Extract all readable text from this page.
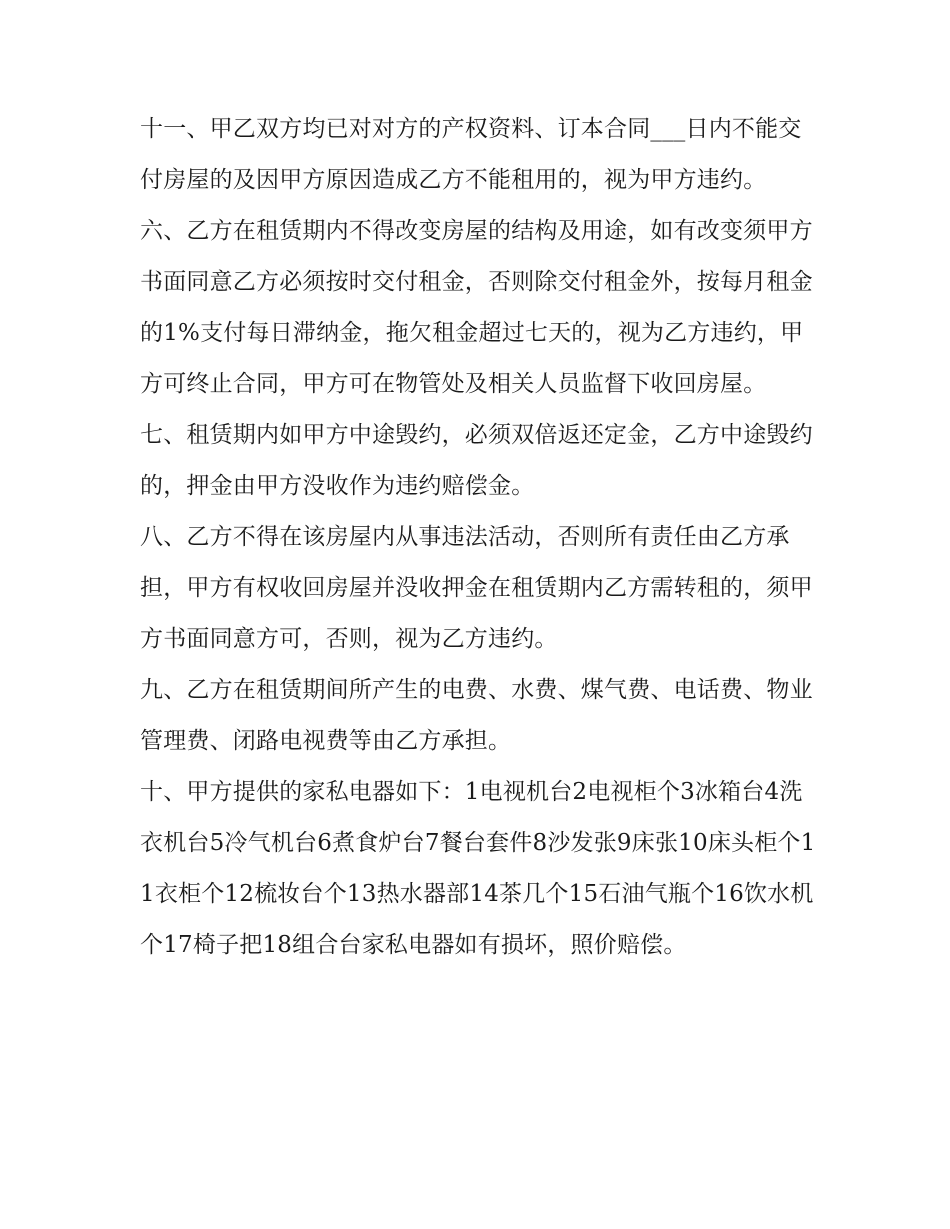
十一、甲乙双方均已对对方的产权资料、订本合同___日内不能交付房屋的及因甲方原因造成乙方不能租用的，视为甲方违约。

六、乙方在租赁期内不得改变房屋的结构及用途，如有改变须甲方书面同意乙方必须按时交付租金，否则除交付租金外，按每月租金的1%支付每日滞纳金，拖欠租金超过七天的，视为乙方违约，甲方可终止合同，甲方可在物管处及相关人员监督下收回房屋。

七、租赁期内如甲方中途毁约，必须双倍返还定金，乙方中途毁约的，押金由甲方没收作为违约赔偿金。

八、乙方不得在该房屋内从事违法活动，否则所有责任由乙方承担，甲方有权收回房屋并没收押金在租赁期内乙方需转租的，须甲方书面同意方可，否则，视为乙方违约。

九、乙方在租赁期间所产生的电费、水费、煤气费、电话费、物业管理费、闭路电视费等由乙方承担。

十、甲方提供的家私电器如下：1电视机台2电视柜个3冰箱台4洗衣机台5冷气机台6煮食炉台7餐台套件8沙发张9床张10床头柜个11衣柜个12梳妆台个13热水器部14茶几个15石油气瓶个16饮水机个17椅子把18组合台家私电器如有损坏，照价赔偿。
